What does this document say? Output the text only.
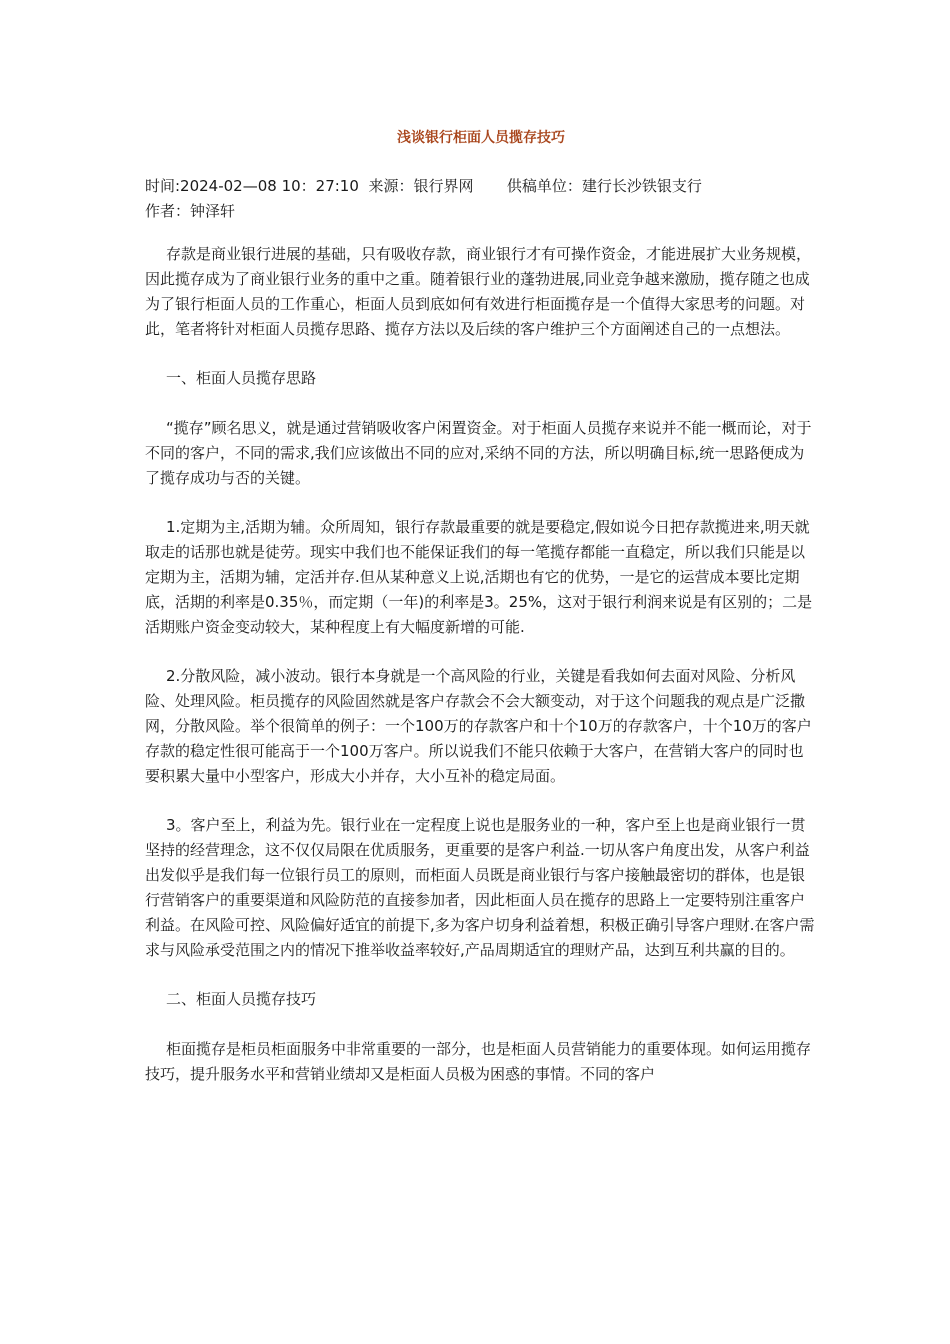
浅谈银行柜面人员揽存技巧
时间:2024-02—08 10：27:10  来源：银行界网       供稿单位：建行长沙铁银支行
作者：钟泽轩

存款是商业银行进展的基础，只有吸收存款，商业银行才有可操作资金，才能进展扩大业务规模，因此揽存成为了商业银行业务的重中之重。随着银行业的蓬勃进展,同业竞争越来激励，揽存随之也成为了银行柜面人员的工作重心，柜面人员到底如何有效进行柜面揽存是一个值得大家思考的问题。对此，笔者将针对柜面人员揽存思路、揽存方法以及后续的客户维护三个方面阐述自己的一点想法。

一、柜面人员揽存思路

“揽存”顾名思义，就是通过营销吸收客户闲置资金。对于柜面人员揽存来说并不能一概而论，对于不同的客户，不同的需求,我们应该做出不同的应对,采纳不同的方法，所以明确目标,统一思路便成为了揽存成功与否的关键。

1.定期为主,活期为辅。众所周知，银行存款最重要的就是要稳定,假如说今日把存款揽进来,明天就取走的话那也就是徒劳。现实中我们也不能保证我们的每一笔揽存都能一直稳定，所以我们只能是以定期为主，活期为辅，定活并存.但从某种意义上说,活期也有它的优势，一是它的运营成本要比定期底，活期的利率是0.35％，而定期（一年)的利率是3。25%，这对于银行利润来说是有区别的；二是活期账户资金变动较大，某种程度上有大幅度新增的可能.

2.分散风险，减小波动。银行本身就是一个高风险的行业，关键是看我如何去面对风险、分析风险、处理风险。柜员揽存的风险固然就是客户存款会不会大额变动，对于这个问题我的观点是广泛撒网，分散风险。举个很简单的例子：一个100万的存款客户和十个10万的存款客户，十个10万的客户存款的稳定性很可能高于一个100万客户。所以说我们不能只依赖于大客户，在营销大客户的同时也要积累大量中小型客户，形成大小并存，大小互补的稳定局面。

3。客户至上，利益为先。银行业在一定程度上说也是服务业的一种，客户至上也是商业银行一贯坚持的经营理念，这不仅仅局限在优质服务，更重要的是客户利益.一切从客户角度出发，从客户利益出发似乎是我们每一位银行员工的原则，而柜面人员既是商业银行与客户接触最密切的群体，也是银行营销客户的重要渠道和风险防范的直接参加者，因此柜面人员在揽存的思路上一定要特别注重客户利益。在风险可控、风险偏好适宜的前提下,多为客户切身利益着想，积极正确引导客户理财.在客户需求与风险承受范围之内的情况下推举收益率较好,产品周期适宜的理财产品，达到互利共赢的目的。

二、柜面人员揽存技巧

柜面揽存是柜员柜面服务中非常重要的一部分，也是柜面人员营销能力的重要体现。如何运用揽存技巧，提升服务水平和营销业绩却又是柜面人员极为困惑的事情。不同的客户
